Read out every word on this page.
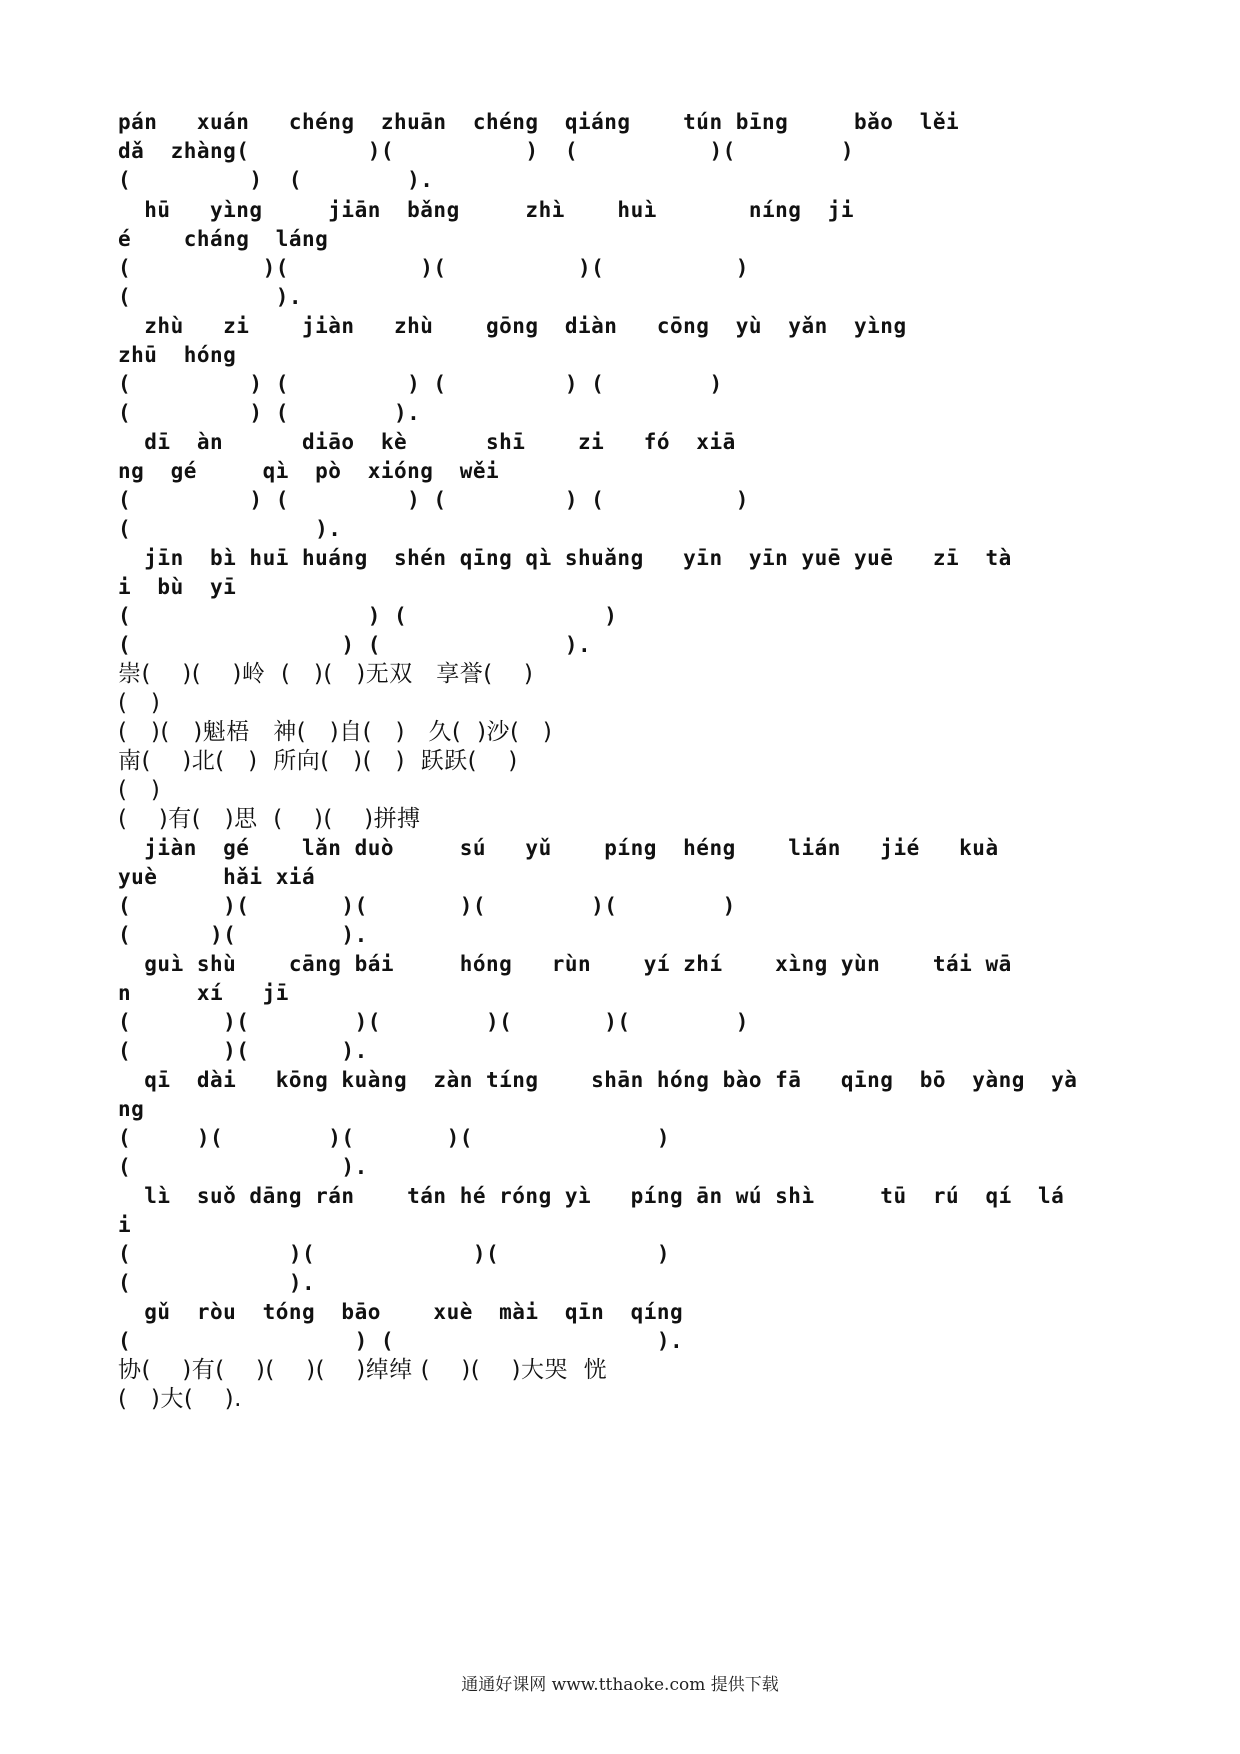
pán   xuán   chéng  zhuān  chéng  qiáng    tún bīng     bǎo  lěi
dǎ  zhàng(         )(          )  (          )(        )
(         )  (        ).
hū   yìng     jiān  bǎng     zhì    huì       níng  ji
é    cháng  láng
(          )(          )(          )(          )
(           ).
zhù   zi    jiàn   zhù    gōng  diàn   cōng  yù  yǎn  yìng
zhū  hóng
(         ) (         ) (         ) (        )
(         ) (        ).
dī  àn      diāo  kè      shī    zi   fó  xiā
ng  gé     qì  pò  xióng  wěi
(         ) (         ) (         ) (          )
(              ).
jīn  bì huī huáng  shén qīng qì shuǎng   yīn  yīn yuē yuē   zī  tà
i  bù  yī
(                  ) (               )
(                ) (              ).
崇(    )(    )岭  (   )(   )无双   享誉(    )
(   )
(   )(   )魁梧   神(   )自(   )   久(  )沙(   )
南(    )北(   )  所向(   )(   )  跃跃(    )
(   )
(    )有(   )思  (    )(    )拼搏
jiàn  gé    lǎn duò     sú   yǔ    píng  héng    lián   jié   kuà
yuè     hǎi xiá
(       )(       )(       )(        )(        )
(      )(        ).
guì shù    cāng bái     hóng   rùn    yí zhí    xìng yùn    tái wā
n     xí   jī
(       )(        )(        )(       )(        )
(       )(       ).
qī  dài   kōng kuàng  zàn tíng    shān hóng bào fā   qīng  bō  yàng  yà
ng
(     )(        )(       )(              )
(                ).
lì  suǒ dāng rán    tán hé róng yì   píng ān wú shì     tū  rú  qí  lá
i
(            )(            )(            )
(            ).
gǔ  ròu  tóng  bāo    xuè  mài  qīn  qíng
(                 ) (                    ).
协(    )有(    )(    )(    )绰绰 (    )(    )大哭  恍
(   )大(    ).
通通好课网 www.tthaoke.com 提供下载
